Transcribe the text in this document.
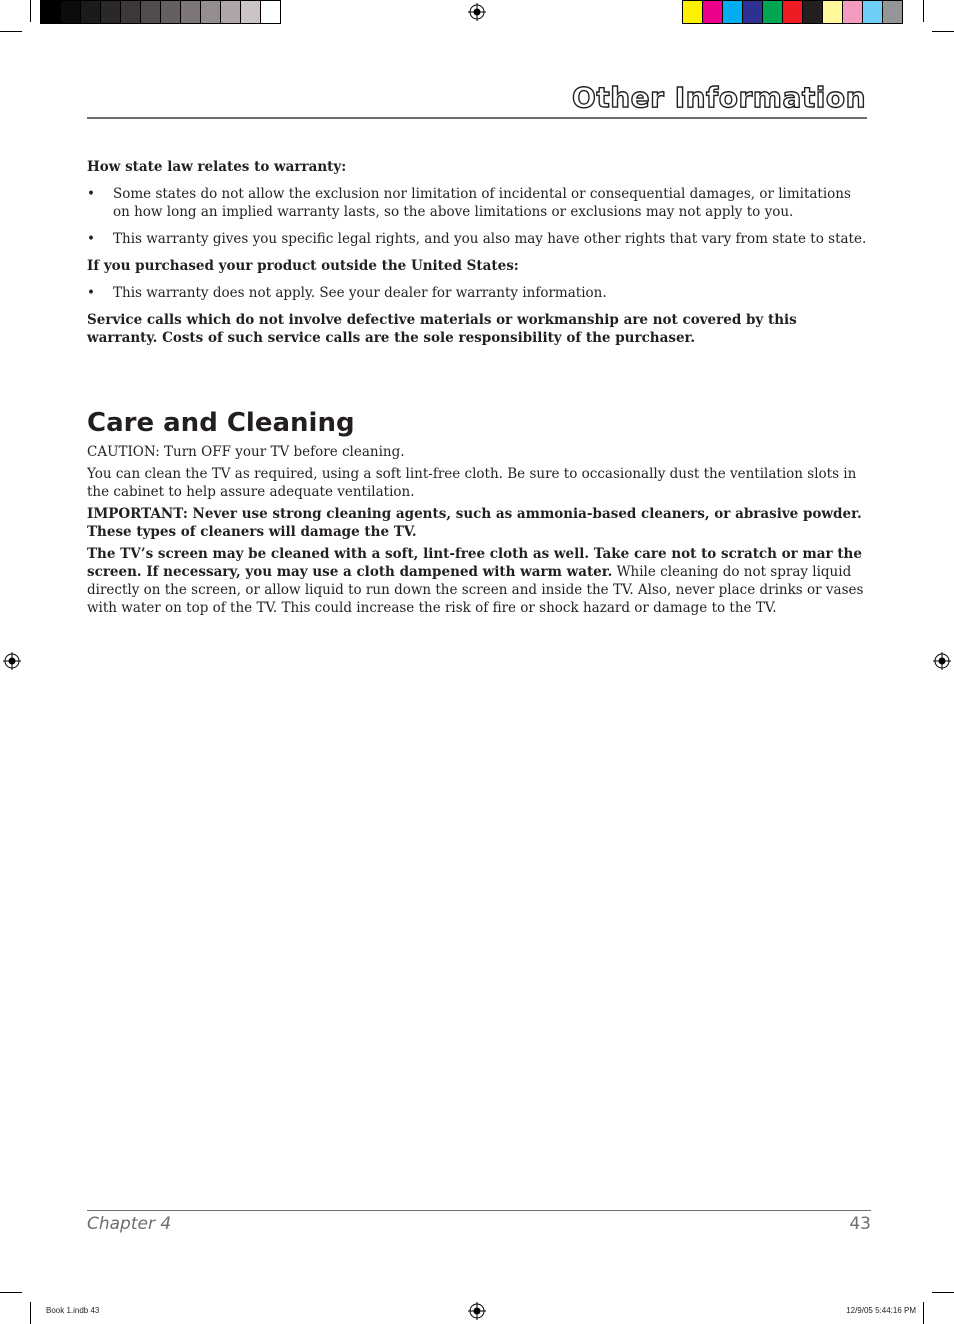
Other Information

How state law relates to warranty:

• Some states do not allow the exclusion nor limitation of incidental or consequential damages, or limitations on how long an implied warranty lasts, so the above limitations or exclusions may not apply to you.
• This warranty gives you specific legal rights, and you also may have other rights that vary from state to state.

If you purchased your product outside the United States:

• This warranty does not apply. See your dealer for warranty information.

Service calls which do not involve defective materials or workmanship are not covered by this warranty. Costs of such service calls are the sole responsibility of the purchaser.

Care and Cleaning

CAUTION: Turn OFF your TV before cleaning.

You can clean the TV as required, using a soft lint-free cloth. Be sure to occasionally dust the ventilation slots in the cabinet to help assure adequate ventilation.

IMPORTANT: Never use strong cleaning agents, such as ammonia-based cleaners, or abrasive powder. These types of cleaners will damage the TV.

The TV’s screen may be cleaned with a soft, lint-free cloth as well. Take care not to scratch or mar the screen. If necessary, you may use a cloth dampened with warm water. While cleaning do not spray liquid directly on the screen, or allow liquid to run down the screen and inside the TV. Also, never place drinks or vases with water on top of the TV. This could increase the risk of fire or shock hazard or damage to the TV.

Chapter 4	43
Book 1.indb 43	12/9/05 5:44:16 PM
